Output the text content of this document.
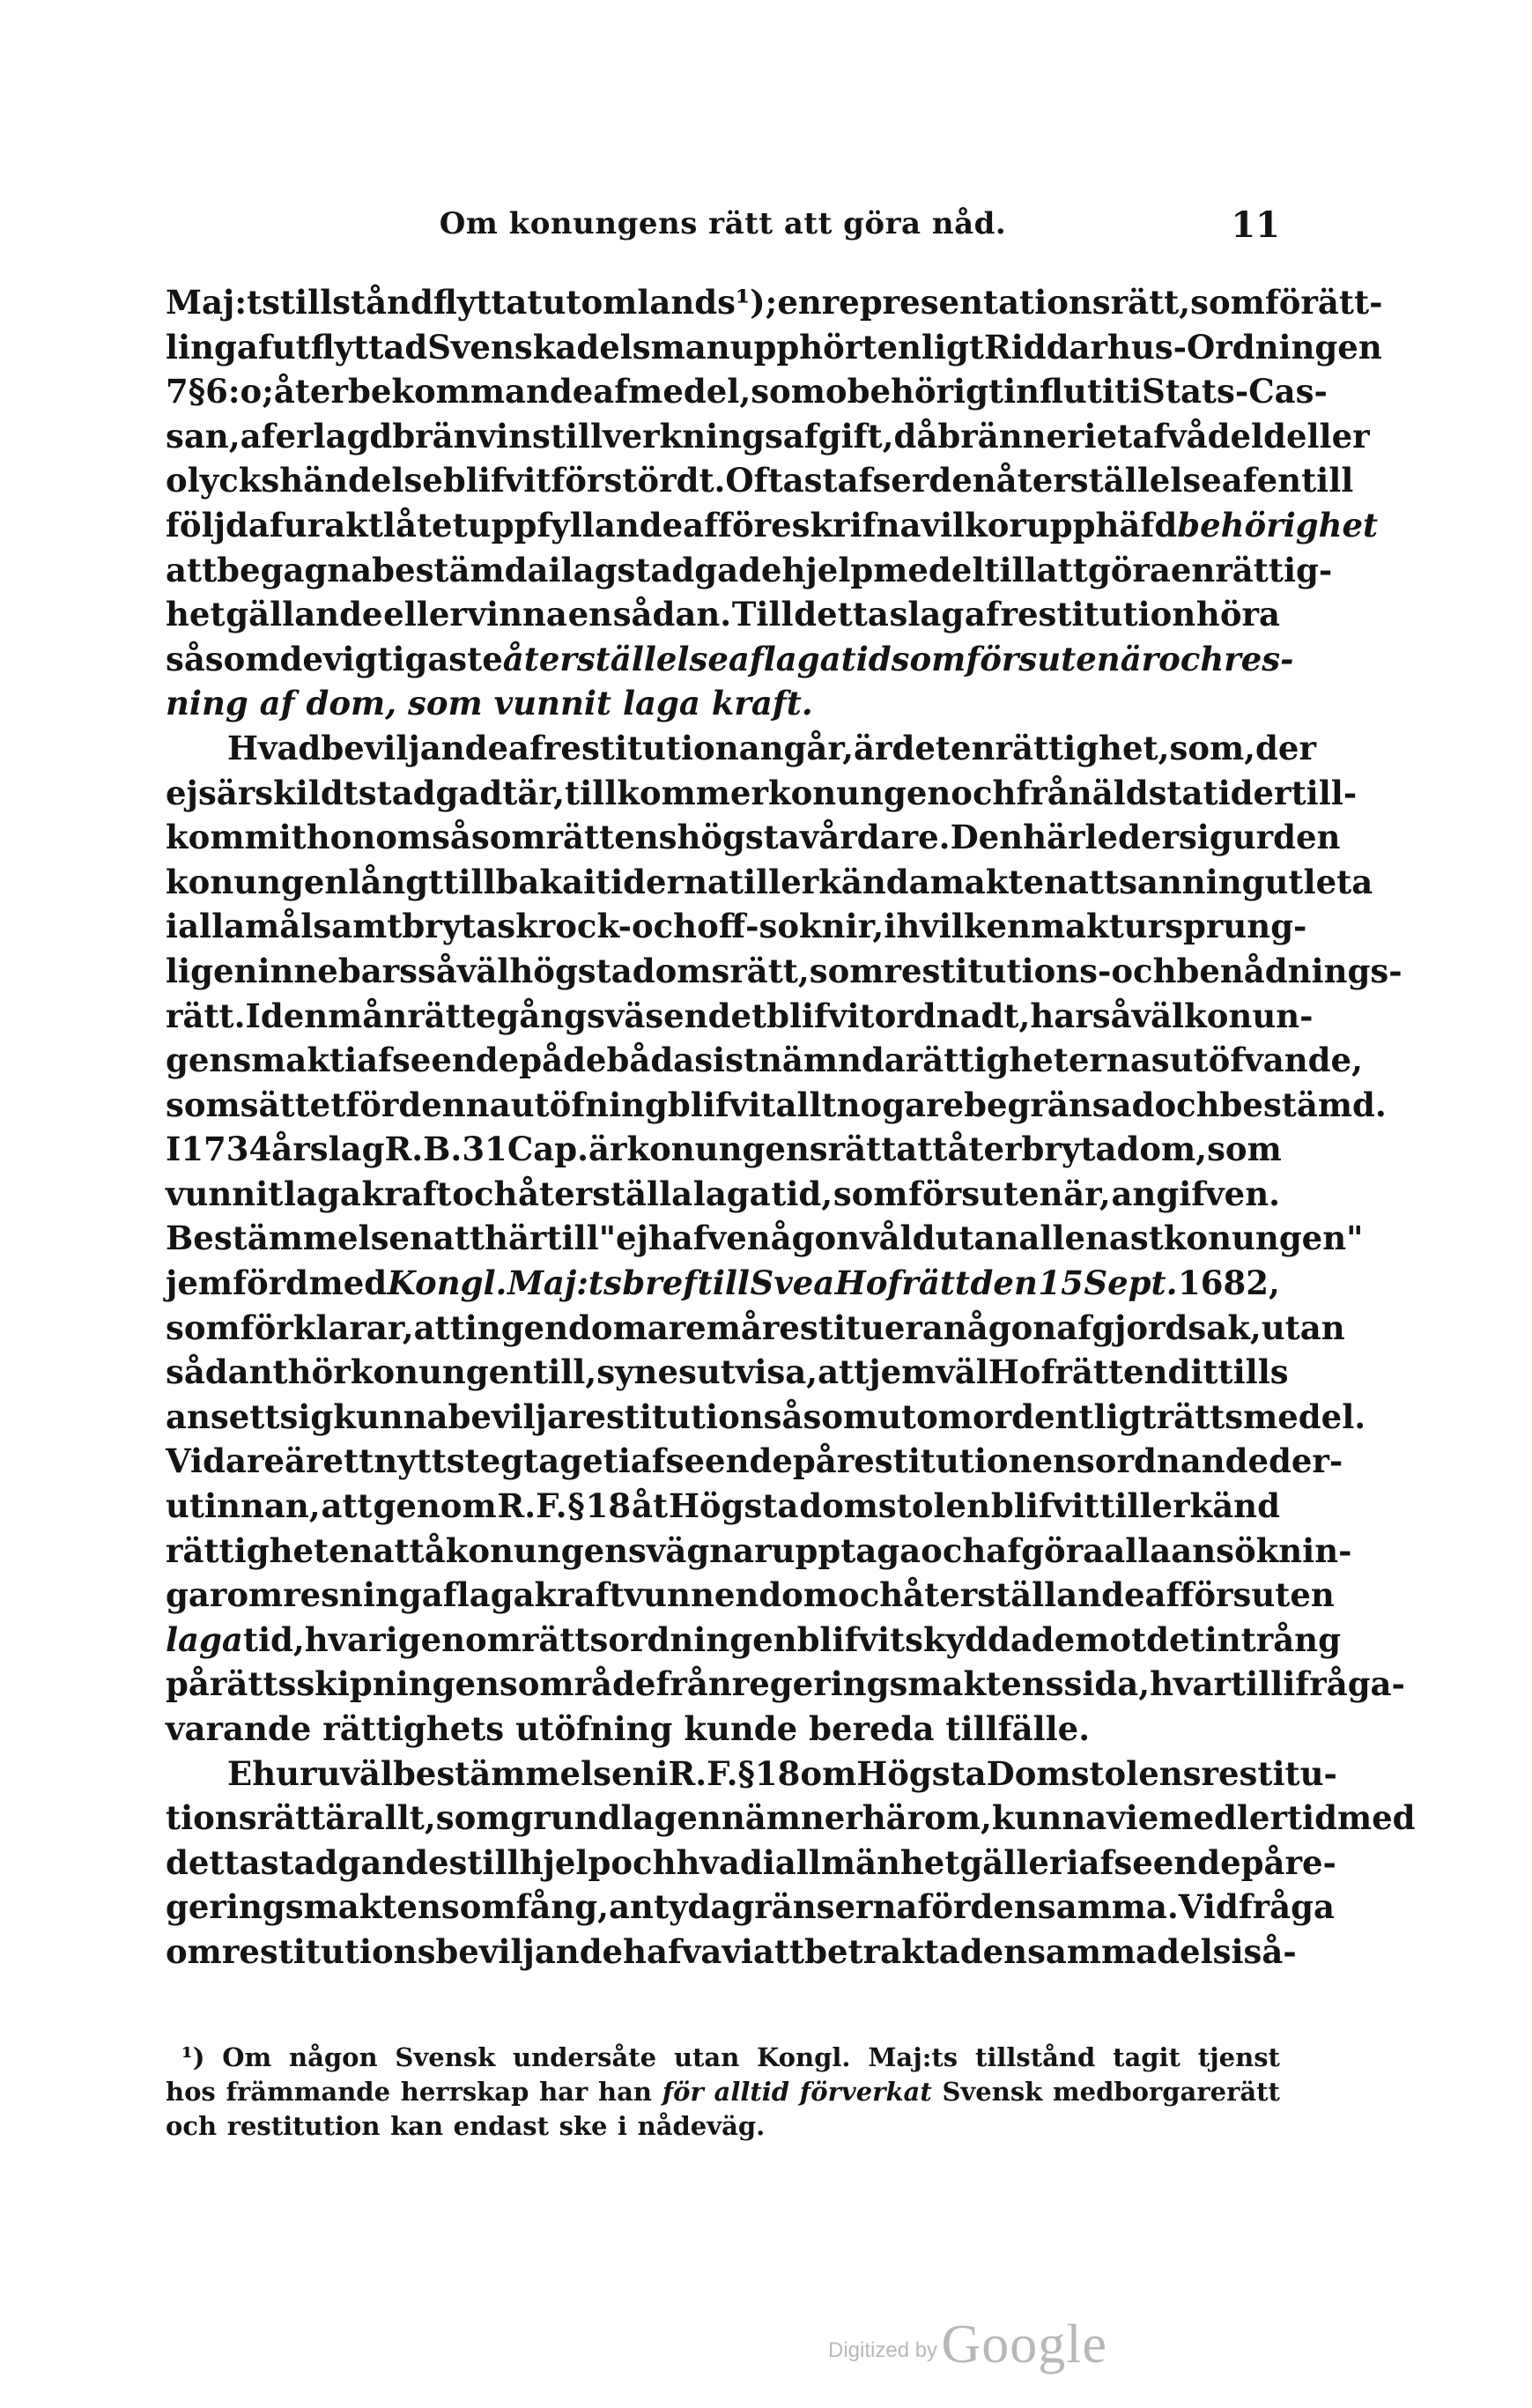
Om konungens rätt att göra nåd.	11
Maj:ts tillstånd flyttat utomlands ¹); en representationsrätt, som för ätt-
ling af utflyttad Svensk adelsman upphört enligt Riddarhus-Ordningen
7 § 6:o; återbekommande af medel, som obehörigt influtit i Stats-Cas-
san, af erlagd bränvinstillverkningsafgift, då bränneriet af vådeld eller
olyckshändelse blifvit förstördt. Oftast afser den återställelse af en till
följd af uraktlåtet uppfyllande af föreskrifna vilkor upphäfd behörighet
att begagna bestämda i lag stadgade hjelpmedel till att göra en rättig-
het gällande eller vinna en sådan. Till detta slag af restitution höra
såsom de vigtigaste återställelse af laga tid som försuten är och res-
ning af dom, som vunnit laga kraft.
Hvad beviljande af restitution angår, är det en rättighet, som, der
ej särskildt stadgadt är, tillkommer konungen och från äldsta tider till-
kommit honom såsom rättens högsta vårdare. Den härleder sig ur den
konungen långt tillbaka i tiderna tillerkända makten att sanning utleta
i alla mål samt bryta skrock- och off-soknir, i hvilken makt ursprung-
ligen innebars så väl högsta domsrätt, som restitutions- och benådnings-
rätt. I den mån rättegångsväsendet blifvit ordnadt, har så väl konun-
gens makt i afseende på de båda sistnämnda rättigheternas utöfvande,
som sättet för denna utöfning blifvit allt nogare begränsad och bestämd.
I 1734 års lag R.B. 31 Cap. är konungens rätt att återbryta dom, som
vunnit laga kraft och återställa laga tid, som försuten är, angifven.
Bestämmelsen att härtill "ej hafve någon våld utan allenast konungen"
jemförd med Kongl. Maj:ts bref till Svea Hofrätt den 15 Sept. 1682,
som förklarar, att ingen domare må restituera någon afgjord sak, utan
sådant hör konungen till, synes utvisa, att jemväl Hofrätten dittills
ansett sig kunna bevilja restitution såsom utomordentligt rättsmedel.
Vidare är ett nytt steg taget i afseende på restitutionens ordnande der-
utinnan, att genom R.F. § 18 åt Högsta domstolen blifvit tillerkänd
rättigheten att å konungens vägnar upptaga och afgöra alla ansöknin-
gar om resning af laga kraftvunnen dom och återställande af försuten
laga tid, hvarigenom rättsordningen blifvit skyddad emot det intrång
på rättsskipningens område från regeringsmaktens sida, hvartill ifråga-
varande rättighets utöfning kunde bereda tillfälle.
Ehuruväl bestämmelsen i R.F. § 18 om Högsta Domstolens restitu-
tionsrätt är allt, som grundlagen nämner härom, kunna vi emedlertid med
detta stadgandes tillhjelp och hvad i allmänhet gäller i afseende på re-
geringsmaktens omfång, antyda gränserna för densamma. Vid fråga
om restitutions beviljande hafva vi att betrakta densamma dels i så-
¹) Om någon Svensk undersåte utan Kongl. Maj:ts tillstånd tagit tjenst
hos främmande herrskap har han för alltid förverkat Svensk medborgarerätt
och restitution kan endast ske i nådeväg.
Digitized by Google
